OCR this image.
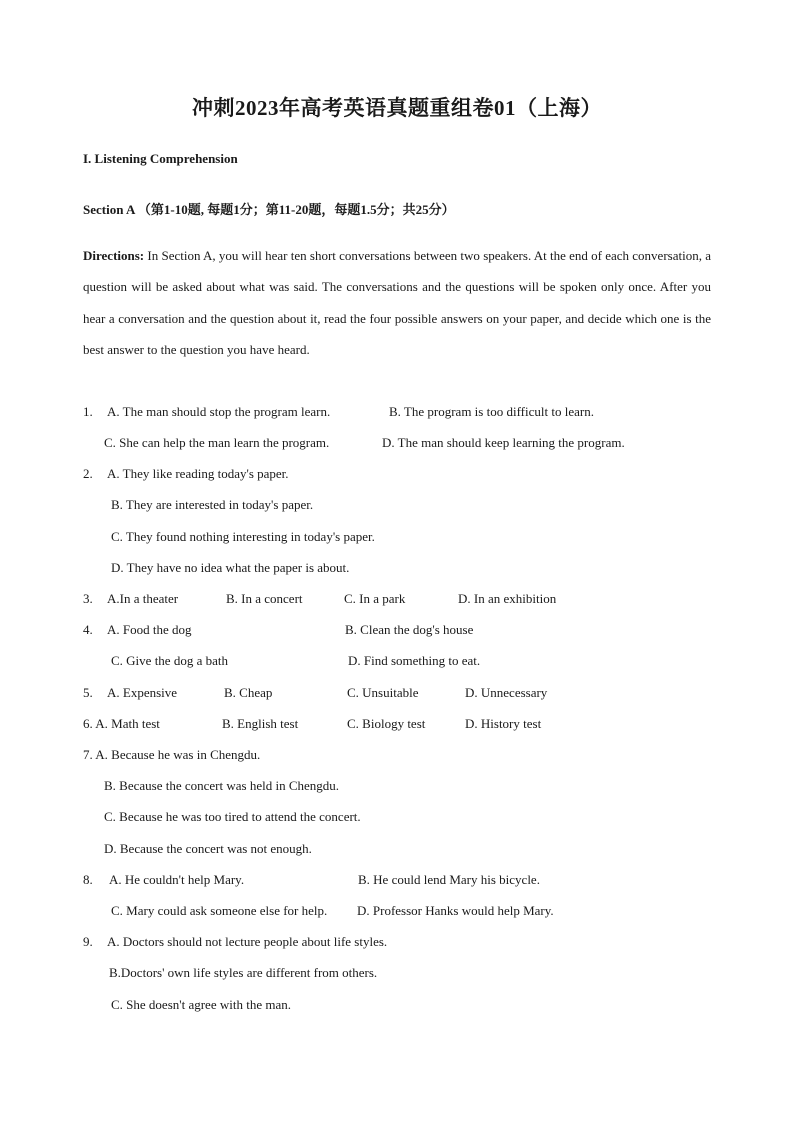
冲刺2023年高考英语真题重组卷01（上海）
I. Listening Comprehension
Section A （第1-10题, 每题1分；第11-20题，每题1.5分；共25分）
Directions: In Section A, you will hear ten short conversations between two speakers. At the end of each conversation, a question will be asked about what was said. The conversations and the questions will be spoken only once. After you hear a conversation and the question about it, read the four possible answers on your paper, and decide which one is the best answer to the question you have heard.
1. A. The man should stop the program learn.	B. The program is too difficult to learn.
C. She can help the man learn the program.	D. The man should keep learning the program.
2. A. They like reading today's paper.
B. They are interested in today's paper.
C. They found nothing interesting in today's paper.
D. They have no idea what the paper is about.
3. A.In a theater	B. In a concert	C. In a park	D. In an exhibition
4. A. Food the dog	B. Clean the dog's house
C. Give the dog a bath	D. Find something to eat.
5. A. Expensive	B. Cheap	C. Unsuitable	D. Unnecessary
6. A. Math test	B. English test	C. Biology test	D. History test
7. A. Because he was in Chengdu.
B. Because the concert was held in Chengdu.
C. Because he was too tired to attend the concert.
D. Because the concert was not enough.
8. A. He couldn't help Mary.	B. He could lend Mary his bicycle.
C. Mary could ask someone else for help. D. Professor Hanks would help Mary.
9. A. Doctors should not lecture people about life styles.
B.Doctors' own life styles are different from others.
C. She doesn't agree with the man.
